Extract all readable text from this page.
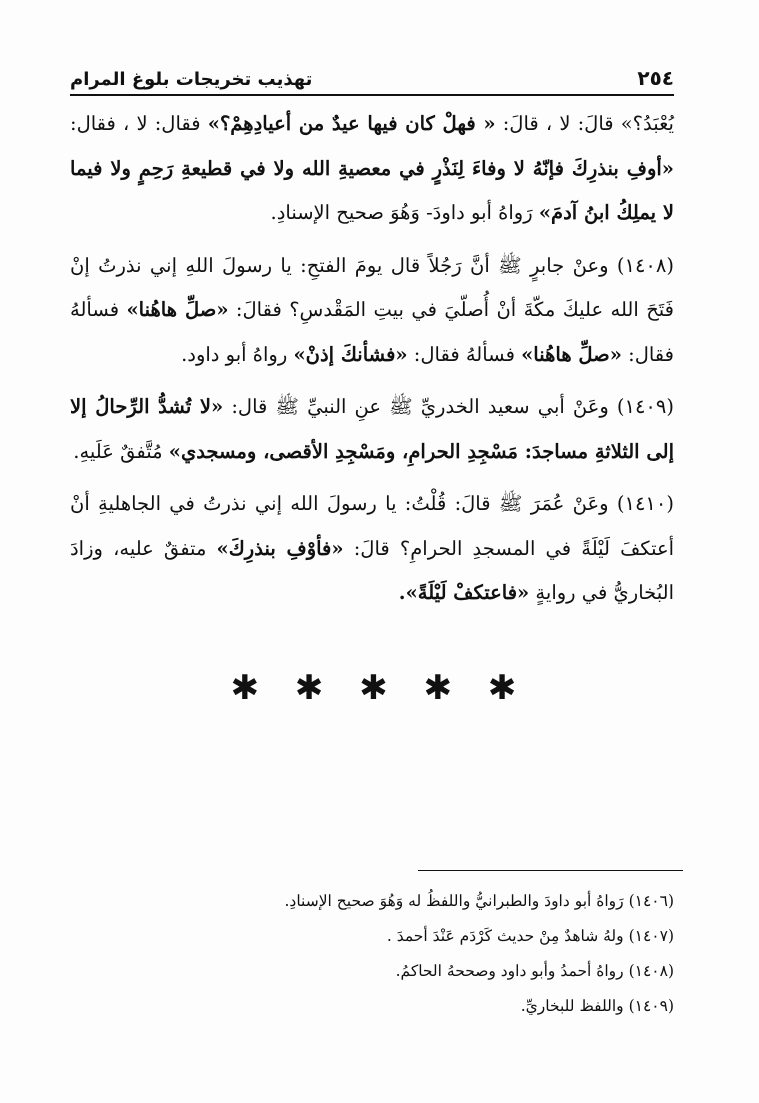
تهذيب تخريجات بلوغ المرام	٢٥٤

يُعْبَدُ؟» قالَ: لا ، قالَ: « فهلْ كان فيها عيدٌ من أعيادِهِمْ؟» فقال: لا ، فقال: «أوفِ بنذرِكَ فإنّهُ لا وفاءَ لِنَذْرٍ في معصيةِ الله ولا في قطيعةِ رَحِمٍ ولا فيما لا يملِكُ ابنُ آدمَ» رَواهُ أبو داودَ- وَهُوَ صحيح الإسنادِ.

(١٤٠٨) وعنْ جابرٍ ﷺ أنَّ رَجُلاً قال يومَ الفتحِ: يا رسولَ اللهِ إني نذرتُ إنْ فَتَحَ الله عليكَ مكّةَ أنْ أُصلّيَ في بيتِ المَقْدسِ؟ فقالَ: «صلِّ هاهُنا» فسألهُ فقال: «صلِّ هاهُنا» فسألهُ فقال: «فشأنكَ إذنْ» رواهُ أبو داود.

(١٤٠٩) وعَنْ أبي سعيد الخدريِّ ﷺ عنِ النبيِّ ﷺ قال: «لا تُشدُّ الرِّحالُ إلا إلى الثلاثةِ مساجدَ: مَسْجِدِ الحرامِ، ومَسْجِدِ الأقصى، ومسجدي» مُتَّفقٌ عَلَيهِ.

(١٤١٠) وعَنْ عُمَرَ ﷺ قالَ: قُلْتُ: يا رسولَ الله إني نذرتُ في الجاهليةِ أنْ أعتكفَ لَيْلَةً في المسجدِ الحرامِ؟ قالَ: «فأوْفِ بنذرِكَ» متفقٌ عليه، وزادَ البُخاريُّ في روايةٍ «فاعتكفْ لَيْلَةً».

✱ ✱ ✱ ✱ ✱

(١٤٠٦) رَواهُ أبو داودَ والطبرانيُّ واللفظُ له وَهُوَ صحيح الإسنادِ.

(١٤٠٧) ولهُ شاهدٌ مِنْ حديث كَرْدَم عَنْدَ أحمدَ .

(١٤٠٨) رواهُ أحمدُ وأبو داود وصححهُ الحاكمُ.

(١٤٠٩) واللفظ للبخاريِّ.
